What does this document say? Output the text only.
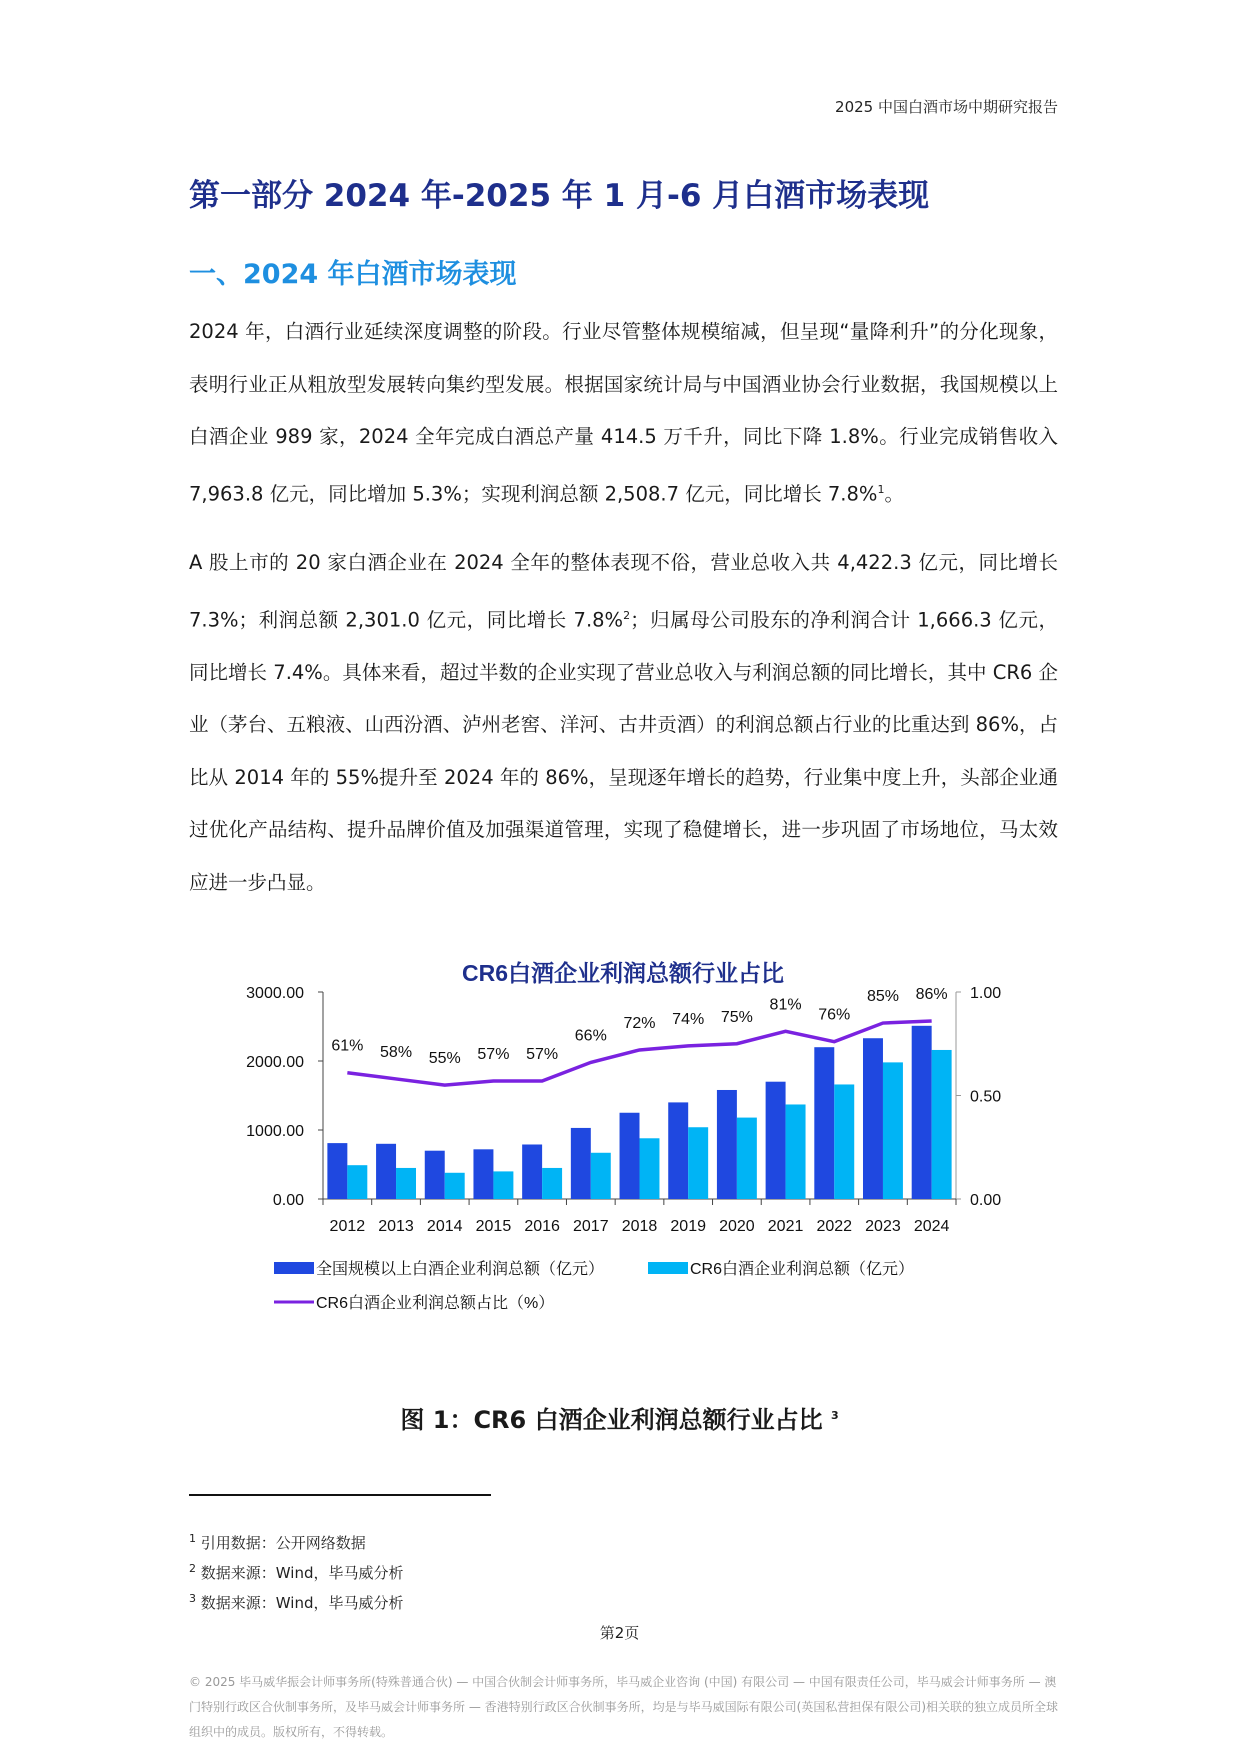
2025 中国白酒市场中期研究报告
第一部分 2024 年-2025 年 1 月-6 月白酒市场表现
一、2024 年白酒市场表现
2024 年，白酒行业延续深度调整的阶段。行业尽管整体规模缩减，但呈现“量降利升”的分化现象，表明行业正从粗放型发展转向集约型发展。根据国家统计局与中国酒业协会行业数据，我国规模以上白酒企业 989 家，2024 全年完成白酒总产量 414.5 万千升，同比下降 1.8%。行业完成销售收入 7,963.8 亿元，同比增加 5.3%；实现利润总额 2,508.7 亿元，同比增长 7.8%$^1$。
A 股上市的 20 家白酒企业在 2024 全年的整体表现不俗，营业总收入共 4,422.3 亿元，同比增长 7.3%；利润总额 2,301.0 亿元，同比增长 7.8%$^2$；归属母公司股东的净利润合计 1,666.3 亿元，同比增长 7.4%。具体来看，超过半数的企业实现了营业总收入与利润总额的同比增长，其中 CR6 企业（茅台、五粮液、山西汾酒、泸州老窖、洋河、古井贡酒）的利润总额占行业的比重达到 86%，占比从 2014 年的 55%提升至 2024 年的 86%，呈现逐年增长的趋势，行业集中度上升，头部企业通过优化产品结构、提升品牌价值及加强渠道管理，实现了稳健增长，进一步巩固了市场地位，马太效应进一步凸显。
CR6白酒企业利润总额行业占比
0.00
1000.00
2000.00
3000.00
0.00
0.50
1.00
2012 2013 2014 2015 2016 2017 2018 2019 2020 2021 2022 2023 2024
61% 58% 55% 57% 57%
66%
72% 74% 75%
81%
76%
85% 86%
全国规模以上白酒企业利润总额（亿元）	CR6白酒企业利润总额（亿元）
CR6白酒企业利润总额占比（%）
图 1：CR6 白酒企业利润总额行业占比 $^3$
$^1$ 引用数据：公开网络数据
$^2$ 数据来源：Wind，毕马威分析
$^3$ 数据来源：Wind，毕马威分析
第2页
© 2025 毕马威华振会计师事务所(特殊普通合伙) — 中国合伙制会计师事务所，毕马威企业咨询 (中国) 有限公司 — 中国有限责任公司，毕马威会计师事务所 — 澳门特别行政区合伙制事务所，及毕马威会计师事务所 — 香港特别行政区合伙制事务所，均是与毕马威国际有限公司(英国私营担保有限公司)相关联的独立成员所全球组织中的成员。版权所有，不得转载。
